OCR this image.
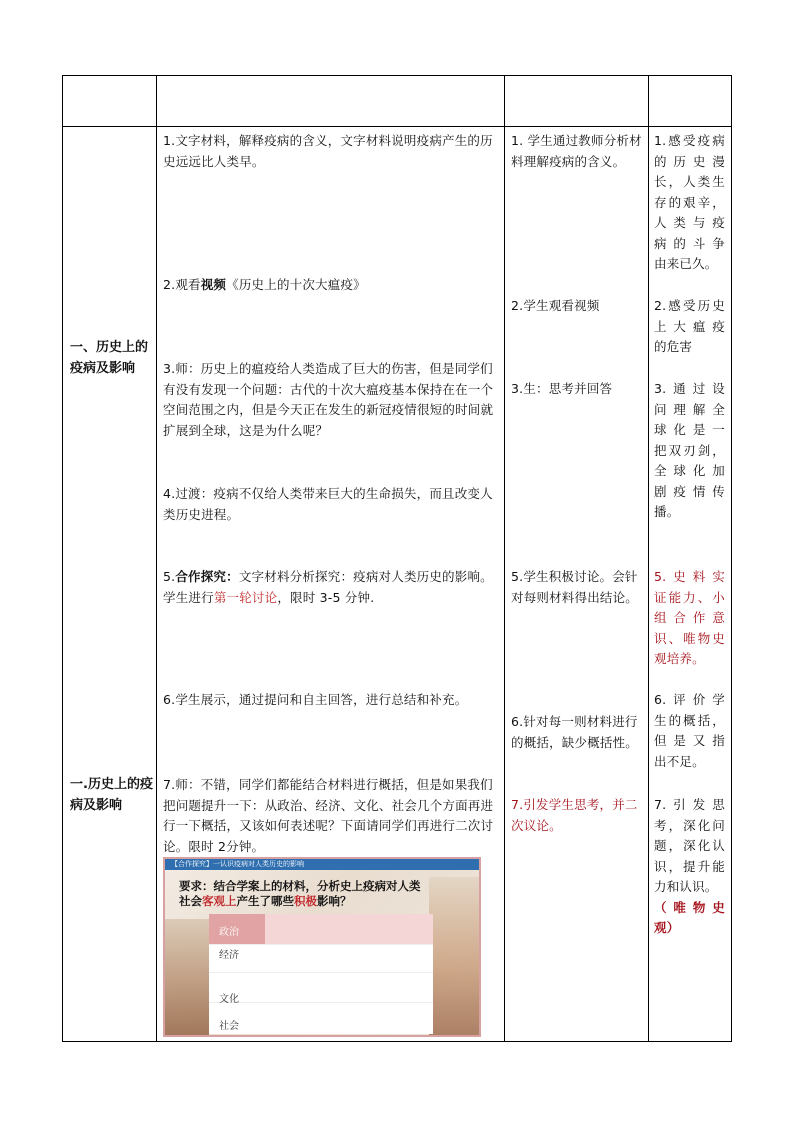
一、历史上的疫病及影响
一.历史上的疫病及影响
1.文字材料，解释疫病的含义，文字材料说明疫病产生的历史远远比人类早。
2.观看视频《历史上的十次大瘟疫》
3.师：历史上的瘟疫给人类造成了巨大的伤害，但是同学们有没有发现一个问题：古代的十次大瘟疫基本保持在在一个空间范围之内，但是今天正在发生的新冠疫情很短的时间就扩展到全球，这是为什么呢？
4.过渡：疫病不仅给人类带来巨大的生命损失，而且改变人类历史进程。
5.合作探究：文字材料分析探究：疫病对人类历史的影响。学生进行第一轮讨论，限时 3-5 分钟.
6.学生展示，通过提问和自主回答，进行总结和补充。
7.师：不错，同学们都能结合材料进行概括，但是如果我们把问题提升一下：从政治、经济、文化、社会几个方面再进行一下概括，又该如何表述呢？下面请同学们再进行二次讨论。限时 2分钟。
【合作探究】一认识疫病对人类历史的影响
要求：结合学案上的材料，分析史上疫病对人类
社会客观上产生了哪些积极影响？
政治
经济
文化
社会
1. 学生通过教师分析材料理解疫病的含义。
2.学生观看视频
3.生：思考并回答
5.学生积极讨论。会针对每则材料得出结论。
6.针对每一则材料进行的概括，缺少概括性。
7.引发学生思考，并二次议论。
1.感受疫病
的历史漫
长，人类生
存的艰辛，
人类与疫
病的斗争
由来已久。
2.感受历史
上大瘟疫
的危害
3.通过设
问理解全
球化是一
把双刃剑，
全球化加
剧疫情传
播。
5.史料实
证能力、小
组合作意
识、唯物史
观培养。
6.评价学
生的概括，
但是又指
出不足。
7.引发思
考，深化问
题，深化认
识，提升能
力和认识。
（唯物史
观）
